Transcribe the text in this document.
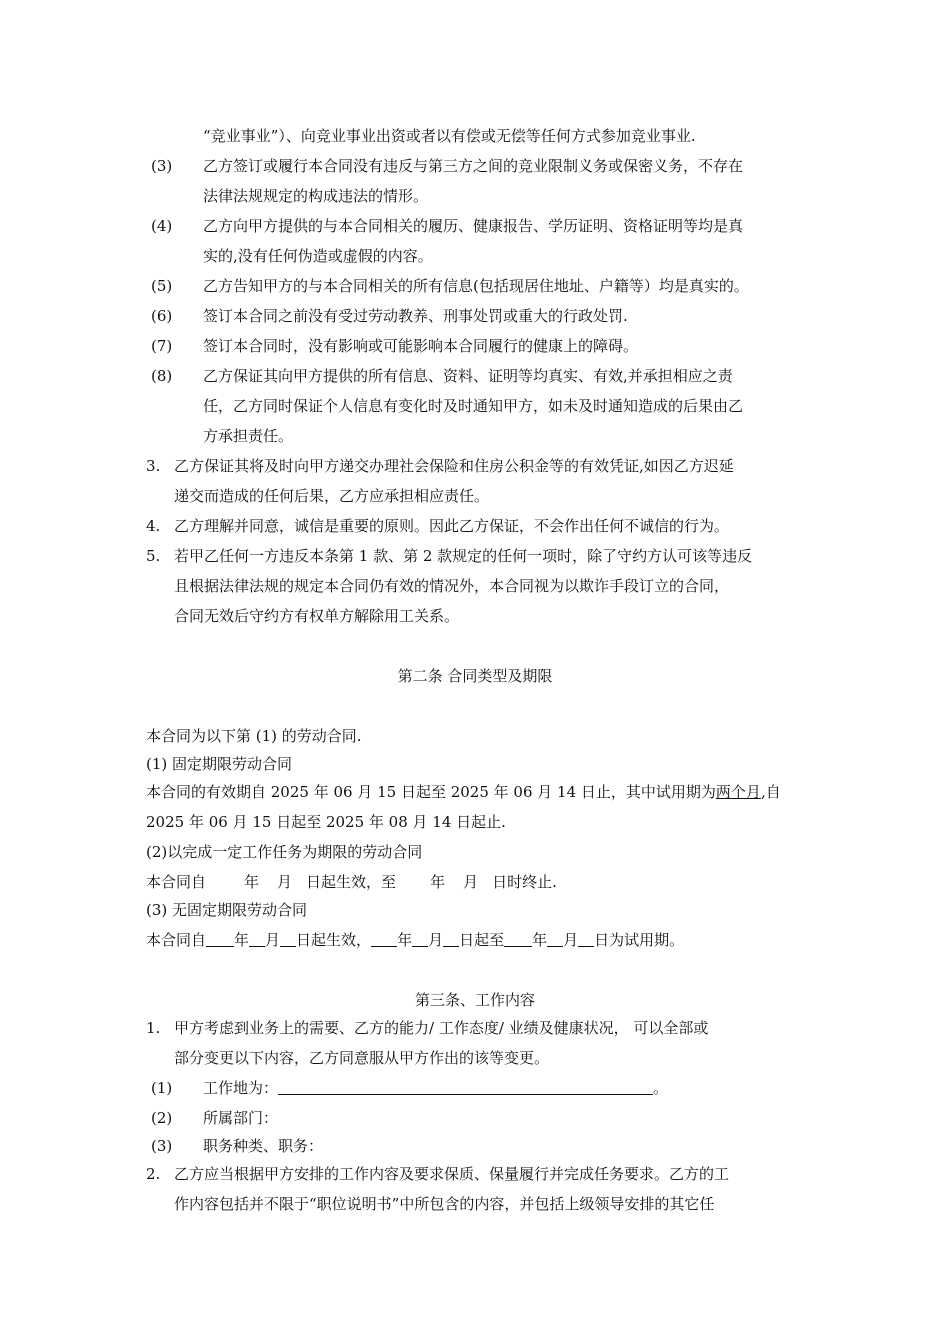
“竞业事业”）、向竞业事业出资或者以有偿或无偿等任何方式参加竞业事业.
(3) 乙方签订或履行本合同没有违反与第三方之间的竞业限制义务或保密义务，不存在
法律法规规定的构成违法的情形。
(4) 乙方向甲方提供的与本合同相关的履历、健康报告、学历证明、资格证明等均是真
实的,没有任何伪造或虚假的内容。
(5) 乙方告知甲方的与本合同相关的所有信息(包括现居住地址、户籍等）均是真实的。
(6) 签订本合同之前没有受过劳动教养、刑事处罚或重大的行政处罚.
(7) 签订本合同时，没有影响或可能影响本合同履行的健康上的障碍。
(8) 乙方保证其向甲方提供的所有信息、资料、证明等均真实、有效,并承担相应之责
任，乙方同时保证个人信息有变化时及时通知甲方，如未及时通知造成的后果由乙
方承担责任。
3. 乙方保证其将及时向甲方递交办理社会保险和住房公积金等的有效凭证,如因乙方迟延
递交而造成的任何后果，乙方应承担相应责任。
4. 乙方理解并同意，诚信是重要的原则。因此乙方保证，不会作出任何不诚信的行为。
5. 若甲乙任何一方违反本条第 1 款、第 2 款规定的任何一项时，除了守约方认可该等违反
且根据法律法规的规定本合同仍有效的情况外，本合同视为以欺诈手段订立的合同，
合同无效后守约方有权单方解除用工关系。
第二条 合同类型及期限
本合同为以下第 (1) 的劳动合同.
(1) 固定期限劳动合同
本合同的有效期自 2025 年 06 月 15 日起至 2025 年 06 月 14 日止，其中试用期为两个月,自
2025 年 06 月 15 日起至 2025 年 08 月 14 日起止.
(2)以完成一定工作任务为期限的劳动合同
本合同自	年 月 日起生效，至 年 月 日时终止.
(3) 无固定期限劳动合同
本合同自 年 月 日起生效， 年 月 日起至 年 月 日为试用期。
第三条、工作内容
1. 甲方考虑到业务上的需要、乙方的能力/ 工作态度/ 业绩及健康状况， 可以全部或
部分变更以下内容，乙方同意服从甲方作出的该等变更。
(1) 工作地为：	。
(2) 所属部门：
(3) 职务种类、职务：
2. 乙方应当根据甲方安排的工作内容及要求保质、保量履行并完成任务要求。乙方的工
作内容包括并不限于“职位说明书”中所包含的内容，并包括上级领导安排的其它任
